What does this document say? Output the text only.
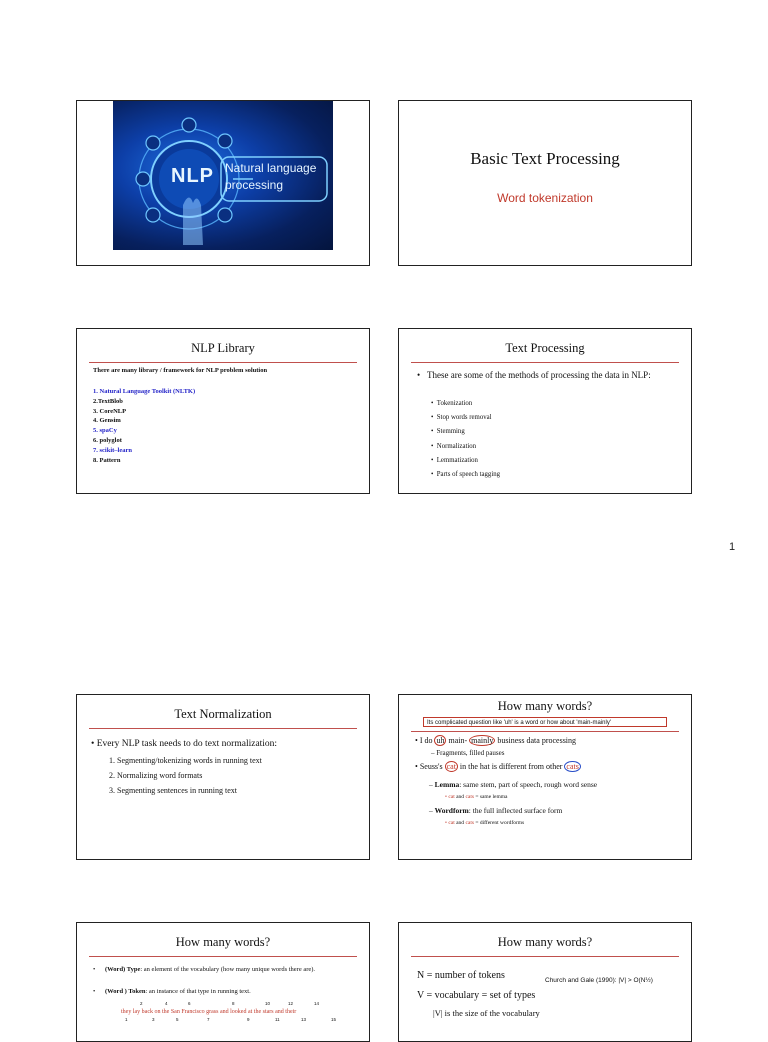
NLP Natural language
processing
Basic Text Processing
Word tokenization
NLP Library
There are many library / framework for NLP problem solution
1. Natural Language Toolkit (NLTK)
2.TextBlob
3. CoreNLP
4. Gensim
5. spaCy
6. polyglot
7. scikit–learn
8. Pattern
Text Processing
• These are some of the methods of processing the data in NLP:
•  Tokenization
•  Stop words removal
•  Stemming
•  Normalization
•  Lemmatization
•  Parts of speech tagging
1
Text Normalization
• Every NLP task needs to do text normalization:
1. Segmenting/tokenizing words in running text
2. Normalizing word formats
3. Segmenting sentences in running text
How many words?
Its complicated question like 'uh' is a word or how about 'main-mainly'
• I do uh main- mainly business data processing
– Fragments, filled pauses
• Seuss's cat in the hat is different from other cats
– Lemma: same stem, part of speech, rough word sense
• cat and cats = same lemma
– Wordform: the full inflected surface form
• cat and cats = different wordforms
How many words?
•	(Word) Type: an element of the vocabulary (how many unique words there are).
•	(Word ) Token: an instance of that type in running text.
2	4	6	8	10	12	14
they lay back on the San Francisco grass and looked at the stars and their
1	3	5	7	9	11	13	15
How many words?
N = number of tokens	Church and Gale (1990): |V| > O(N½)
V = vocabulary = set of types
|V| is the size of the vocabulary
